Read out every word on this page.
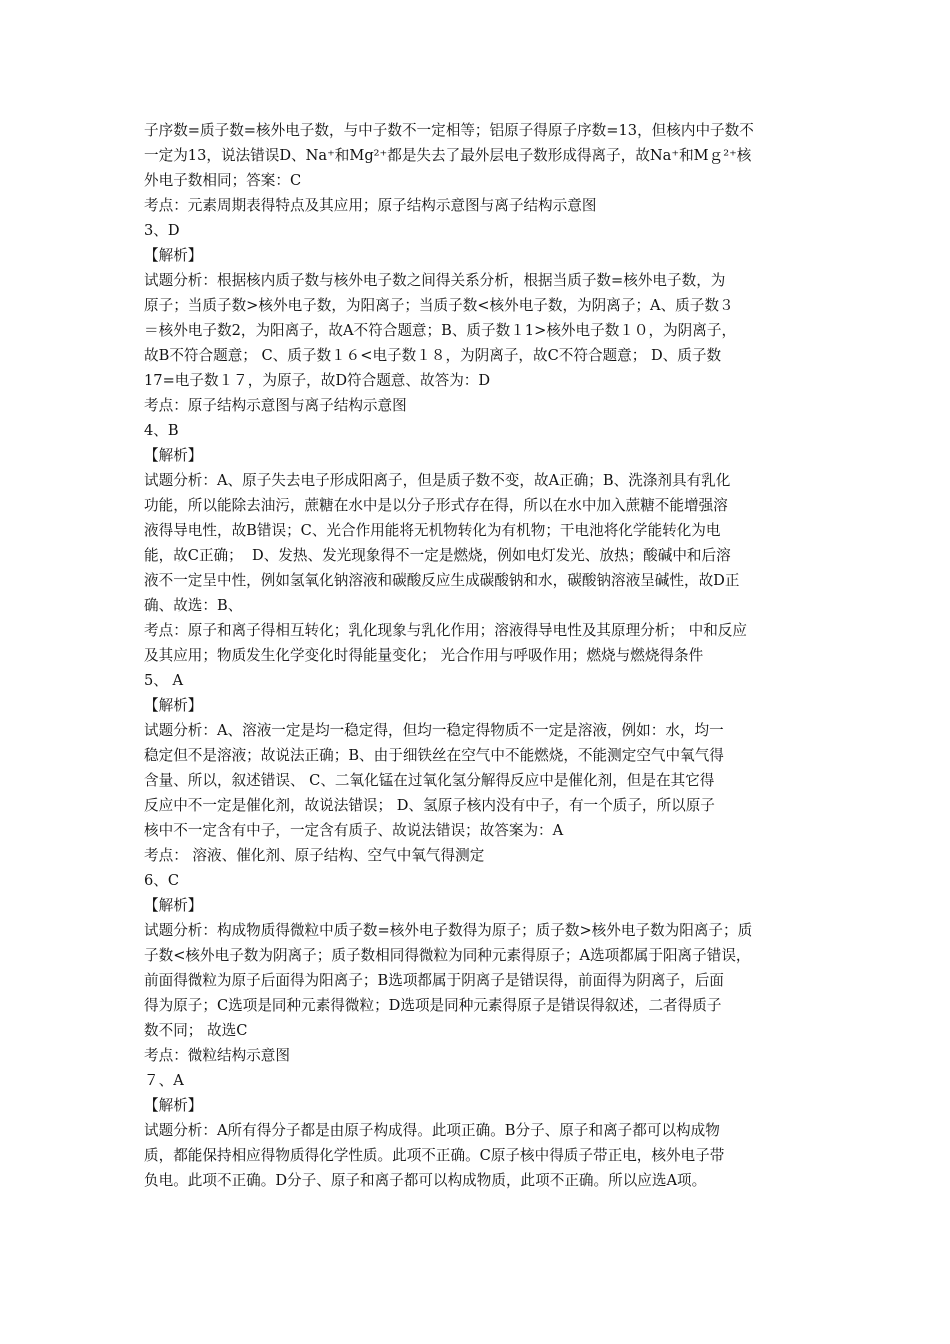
子序数=质子数=核外电子数，与中子数不一定相等；铝原子得原子序数=13，但核内中子数不
一定为13，说法错误D、Na⁺和Mg²⁺都是失去了最外层电子数形成得离子，故Na⁺和Mｇ²⁺核
外电子数相同；答案：C
考点：元素周期表得特点及其应用；原子结构示意图与离子结构示意图
3、D
【解析】
试题分析：根据核内质子数与核外电子数之间得关系分析，根据当质子数=核外电子数，为
原子；当质子数>核外电子数，为阳离子；当质子数<核外电子数，为阴离子；A、质子数３
＝核外电子数2，为阳离子，故A不符合题意；B、质子数１1>核外电子数１０，为阴离子，
故B不符合题意； C、质子数１６<电子数１８，为阴离子，故C不符合题意； D、质子数
17=电子数１７，为原子，故D符合题意、故答为：D
考点：原子结构示意图与离子结构示意图
4、B
【解析】
试题分析：A、原子失去电子形成阳离子，但是质子数不变，故A正确；B、洗涤剂具有乳化
功能，所以能除去油污，蔗糖在水中是以分子形式存在得，所以在水中加入蔗糖不能增强溶
液得导电性，故B错误；C、光合作用能将无机物转化为有机物；干电池将化学能转化为电
能，故C正确；  D、发热、发光现象得不一定是燃烧，例如电灯发光、放热；酸碱中和后溶
液不一定呈中性，例如氢氧化钠溶液和碳酸反应生成碳酸钠和水，碳酸钠溶液呈碱性，故D正
确、故选：B、
考点：原子和离子得相互转化；乳化现象与乳化作用；溶液得导电性及其原理分析； 中和反应
及其应用；物质发生化学变化时得能量变化； 光合作用与呼吸作用；燃烧与燃烧得条件
5、 A
【解析】
试题分析：A、溶液一定是均一稳定得，但均一稳定得物质不一定是溶液，例如：水，均一
稳定但不是溶液；故说法正确；B、由于细铁丝在空气中不能燃烧，不能测定空气中氧气得
含量、所以，叙述错误、 C、二氧化锰在过氧化氢分解得反应中是催化剂，但是在其它得
反应中不一定是催化剂，故说法错误； D、氢原子核内没有中子，有一个质子，所以原子
核中不一定含有中子，一定含有质子、故说法错误；故答案为：A
考点： 溶液、催化剂、原子结构、空气中氧气得测定
6、C
【解析】
试题分析：构成物质得微粒中质子数=核外电子数得为原子；质子数>核外电子数为阳离子；质
子数<核外电子数为阴离子；质子数相同得微粒为同种元素得原子；A选项都属于阳离子错误，
前面得微粒为原子后面得为阳离子；B选项都属于阴离子是错误得，前面得为阴离子，后面
得为原子；C选项是同种元素得微粒；D选项是同种元素得原子是错误得叙述，二者得质子
数不同； 故选C
考点：微粒结构示意图
７、A
【解析】
试题分析：A所有得分子都是由原子构成得。此项正确。B分子、原子和离子都可以构成物
质，都能保持相应得物质得化学性质。此项不正确。C原子核中得质子带正电，核外电子带
负电。此项不正确。D分子、原子和离子都可以构成物质，此项不正确。所以应选A项。
